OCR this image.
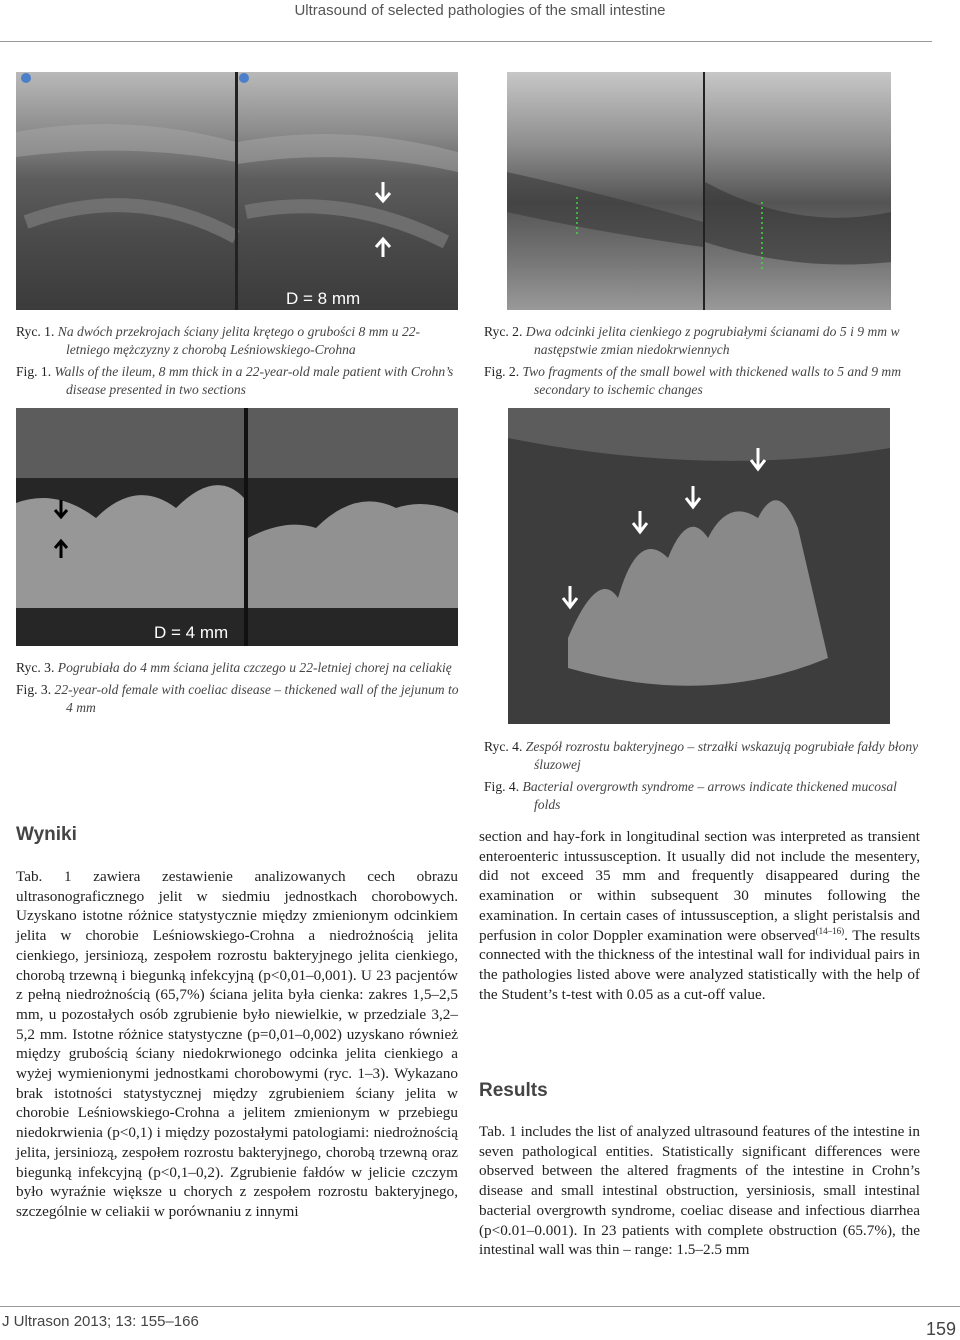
Ultrasound of selected pathologies of the small intestine
D = 8 mm

Ryc. 1. Na dwóch przekrojach ściany jelita krętego o grubości 8 mm u 22-letniego mężczyzny z chorobą Leśniowskiego-Crohna

Fig. 1. Walls of the ileum, 8 mm thick in a 22-year-old male patient with Crohn’s disease presented in two sections

Ryc. 2. Dwa odcinki jelita cienkiego z pogrubiałymi ścianami do 5 i 9 mm w następstwie zmian niedokrwiennych

Fig. 2. Two fragments of the small bowel with thickened walls to 5 and 9 mm secondary to ischemic changes

D = 4 mm

Ryc. 3. Pogrubiała do 4 mm ściana jelita czczego u 22-letniej chorej na celiakię

Fig. 3. 22-year-old female with coeliac disease – thickened wall of the jejunum to 4 mm

Ryc. 4. Zespół rozrostu bakteryjnego – strzałki wskazują pogrubiałe fałdy błony śluzowej

Fig. 4. Bacterial overgrowth syndrome – arrows indicate thickened mucosal folds

Wyniki

Tab. 1 zawiera zestawienie analizowanych cech obrazu ultrasonograficznego jelit w siedmiu jednostkach chorobowych. Uzyskano istotne różnice statystycznie między zmienionym odcinkiem jelita w chorobie Leśniowskiego-Crohna a niedrożnością jelita cienkiego, jersiniozą, zespołem rozrostu bakteryjnego jelita cienkiego, chorobą trzewną i biegunką infekcyjną (p<0,01–0,001). U 23 pacjentów z pełną niedrożnością (65,7%) ściana jelita była cienka: zakres 1,5–2,5 mm, u pozostałych osób zgrubienie było niewielkie, w przedziale 3,2–5,2 mm. Istotne różnice statystyczne (p=0,01–0,002) uzyskano również między grubością ściany niedokrwionego odcinka jelita cienkiego a wyżej wymienionymi jednostkami chorobowymi (ryc. 1–3). Wykazano brak istotności statystycznej między zgrubieniem ściany jelita w chorobie Leśniowskiego-Crohna a jelitem zmienionym w przebiegu niedokrwienia (p<0,1) i między pozostałymi patologiami: niedrożnością jelita, jersiniozą, zespołem rozrostu bakteryjnego, chorobą trzewną oraz biegunką infekcyjną (p<0,1–0,2). Zgrubienie fałdów w jelicie czczym było wyraźnie większe u chorych z zespołem rozrostu bakteryjnego, szczególnie w celiakii w porównaniu z innymi

section and hay-fork in longitudinal section was interpreted as transient enteroenteric intussusception. It usually did not include the mesentery, did not exceed 35 mm and frequently disappeared during the examination or within subsequent 30 minutes following the examination. In certain cases of intussusception, a slight peristalsis and perfusion in color Doppler examination were observed$^{(14-16)}$. The results connected with the thickness of the intestinal wall for individual pairs in the pathologies listed above were analyzed statistically with the help of the Student’s t-test with 0.05 as a cut-off value.

Results

Tab. 1 includes the list of analyzed ultrasound features of the intestine in seven pathological entities. Statistically significant differences were observed between the altered fragments of the intestine in Crohn’s disease and small intestinal obstruction, yersiniosis, small intestinal bacterial overgrowth syndrome, coeliac disease and infectious diarrhea (p<0.01–0.001). In 23 patients with complete obstruction (65.7%), the intestinal wall was thin – range: 1.5–2.5 mm

J Ultrason 2013; 13: 155–166	159
